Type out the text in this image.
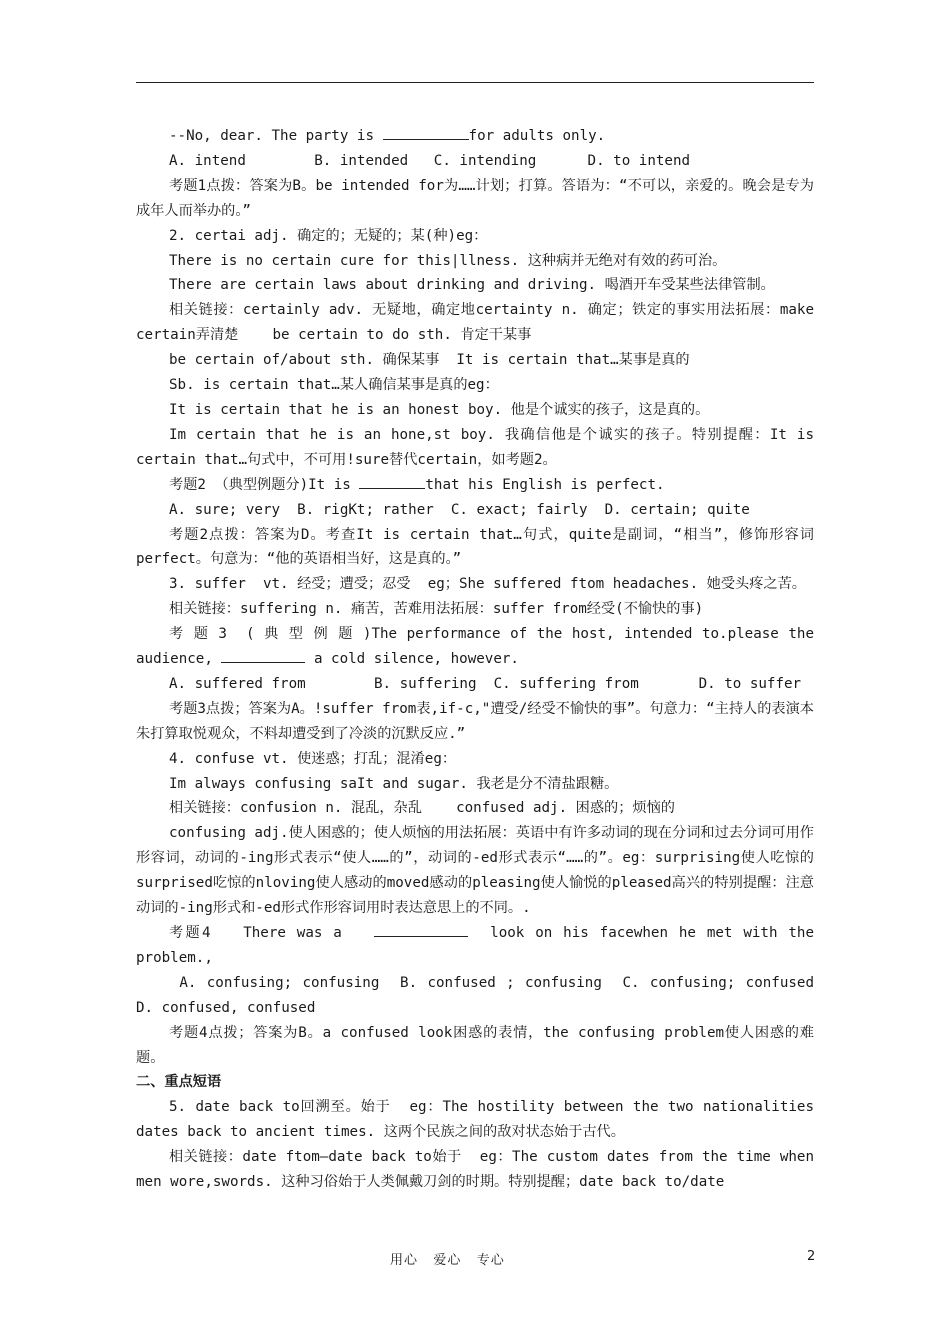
--No, dear. The party is	for adults only.

A. intend        B. intended   C. intending      D. to intend

考题1点拨：答案为B。be intended for为……计划；打算。答语为：“不可以，亲爱的。晚会是专为成年人而举办的。”

2. certai adj. 确定的；无疑的；某(种)eg：

There is no certain cure for this|llness. 这种病并无绝对有效的药可治。

There are certain laws about drinking and driving. 喝酒开车受某些法律管制。

相关链接：certainly adv. 无疑地，确定地certainty n. 确定；铁定的事实用法拓展：make certain弄清楚    be certain to do sth. 肯定干某事

be certain of/about sth. 确保某事  It is certain that…某事是真的

Sb. is certain that…某人确信某事是真的eg：

It is certain that he is an honest boy. 他是个诚实的孩子，这是真的。

Im certain that he is an hone,st boy. 我确信他是个诚实的孩子。特别提醒：It is certain that…句式中，不可用!sure替代certain，如考题2。

考题2 （典型例题分)It is	that his English is perfect.

A. sure; very  B. rigKt; rather  C. exact; fairly  D. certain; quite

考题2点拨：答案为D。考查It is certain that…句式，quite是副词，“相当”，修饰形容词perfect。句意为：“他的英语相当好，这是真的。”

3. suffer  vt. 经受；遭受；忍受  eg；She suffered ftom headaches. 她受头疼之苦。

相关链接：suffering n. 痛苦，苦难用法拓展：suffer from经受(不愉快的事)

考 题 3  ( 典 型 例 题 )The performance of the host, intended to.please the audience,	a cold silence, however.

A. suffered from        B. suffering  C. suffering from       D. to suffer

考题3点拨；答案为A。!suffer from表,if-c,"遭受/经受不愉快的事”。句意力：“主持人的表演本朱打算取悦观众，不料却遭受到了冷淡的沉默反应.”

4. confuse vt. 使迷惑；打乱；混淆eg：

Im always confusing saIt and sugar. 我老是分不清盐跟糖。

相关链接：confusion n. 混乱，杂乱    confused adj. 困惑的；烦恼的

confusing adj.使人困惑的；使人烦恼的用法拓展：英语中有许多动词的现在分词和过去分词可用作形容词，动词的-ing形式表示“使人……的”，动词的-ed形式表示“……的”。eg：surprising使人吃惊的surprised吃惊的nloving使人感动的moved感动的pleasing使人愉悦的pleased高兴的特别提醒：注意动词的-ing形式和-ed形式作形容词用时表达意思上的不同。.

考题4   There was a	look on his facewhen he met with the problem.,

A. confusing; confusing  B. confused ; confusing  C. confusing; confused D. confused, confused

考题4点拨；答案为B。a confused look困惑的表情，the confusing problem使人困惑的难题。

二、重点短语

5. date back to回溯至。始于  eg：The hostility between the two nationalities dates back to ancient times. 这两个民族之间的敌对状态始于古代。

相关链接：date ftom—date back to始于  eg：The custom dates from the time when men wore,swords. 这种习俗始于人类佩戴刀剑的时期。特别提醒；date back to/date

用心   爱心   专心	2
